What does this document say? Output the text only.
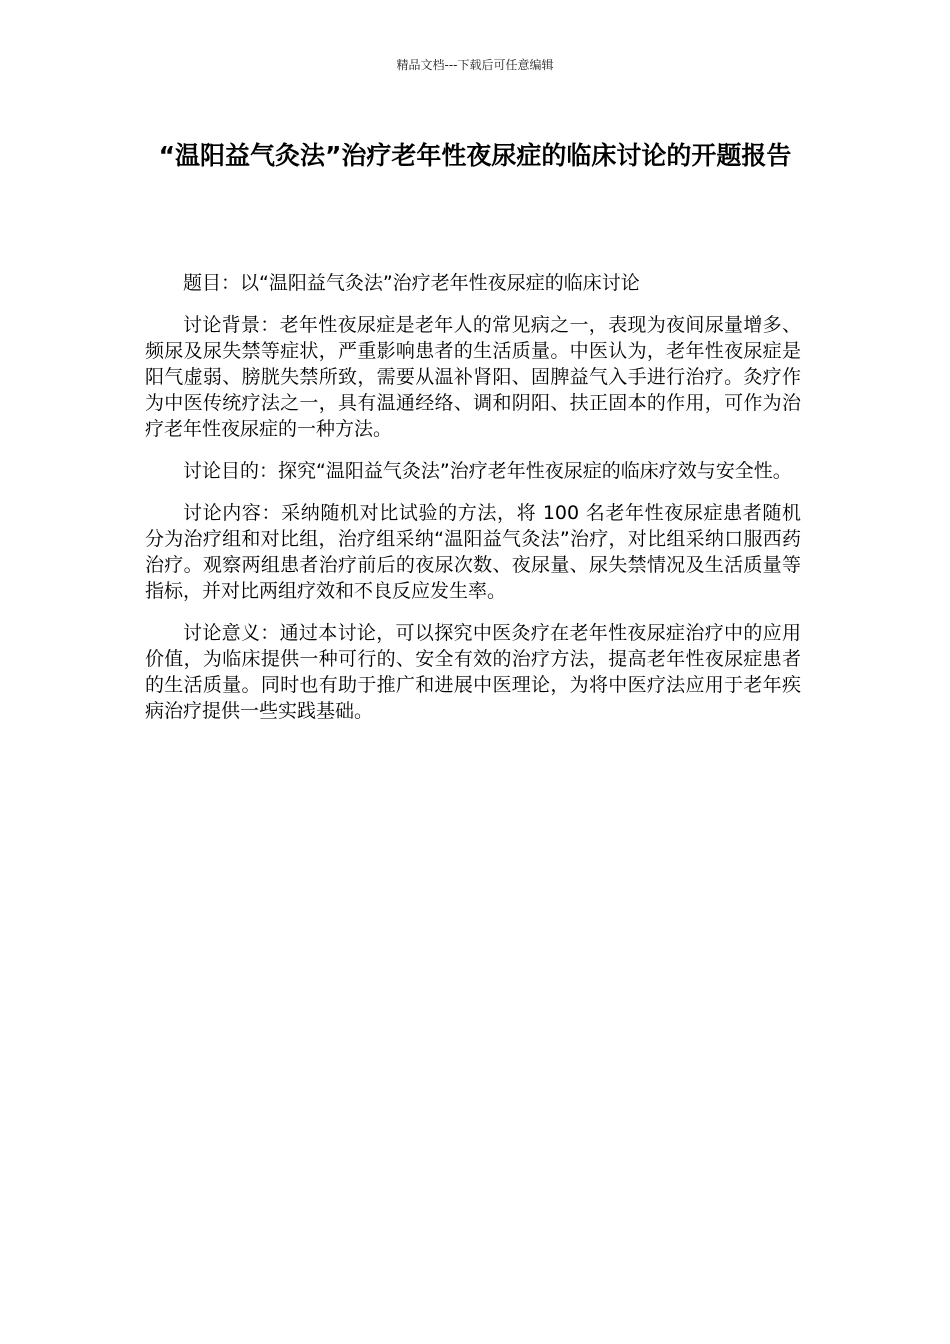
精品文档---下载后可任意编辑
“温阳益气灸法”治疗老年性夜尿症的临床讨论的开题报告

题目：以“温阳益气灸法”治疗老年性夜尿症的临床讨论

讨论背景：老年性夜尿症是老年人的常见病之一，表现为夜间尿量增多、频尿及尿失禁等症状，严重影响患者的生活质量。中医认为，老年性夜尿症是阳气虚弱、膀胱失禁所致，需要从温补肾阳、固脾益气入手进行治疗。灸疗作为中医传统疗法之一，具有温通经络、调和阴阳、扶正固本的作用，可作为治疗老年性夜尿症的一种方法。

讨论目的：探究“温阳益气灸法”治疗老年性夜尿症的临床疗效与安全性。

讨论内容：采纳随机对比试验的方法，将 100 名老年性夜尿症患者随机分为治疗组和对比组，治疗组采纳“温阳益气灸法”治疗，对比组采纳口服西药治疗。观察两组患者治疗前后的夜尿次数、夜尿量、尿失禁情况及生活质量等指标，并对比两组疗效和不良反应发生率。

讨论意义：通过本讨论，可以探究中医灸疗在老年性夜尿症治疗中的应用价值，为临床提供一种可行的、安全有效的治疗方法，提高老年性夜尿症患者的生活质量。同时也有助于推广和进展中医理论，为将中医疗法应用于老年疾病治疗提供一些实践基础。
